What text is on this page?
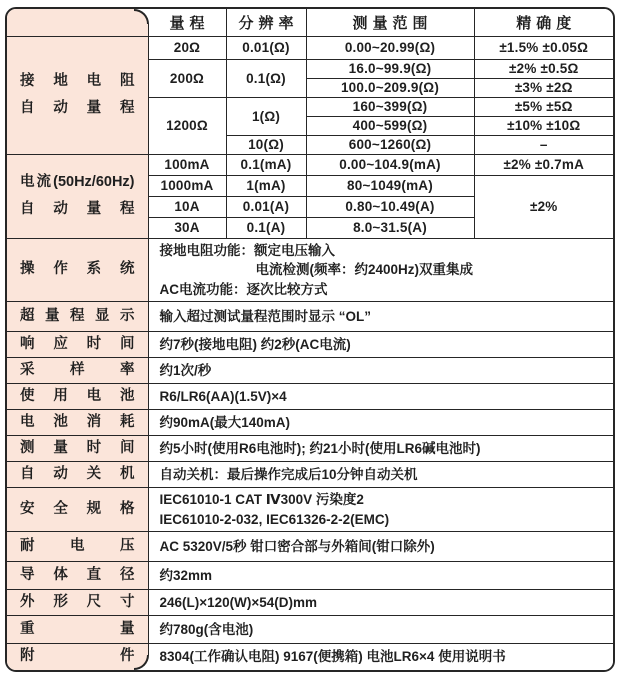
	量程	分辨率	测量范围	精确度

接地电阻
自动量程	20Ω	0.01(Ω)	0.00~20.99(Ω)	±1.5% ±0.05Ω
	200Ω	0.1(Ω)	16.0~99.9(Ω)	±2% ±0.5Ω
			100.0~209.9(Ω)	±3% ±2Ω
	1200Ω	1(Ω)	160~399(Ω)	±5% ±5Ω
			400~599(Ω)	±10% ±10Ω
		10(Ω)	600~1260(Ω)	–

电流(50Hz/60Hz)
自动量程	100mA	0.1(mA)	0.00~104.9(mA)	±2% ±0.7mA
	1000mA	1(mA)	80~1049(mA)	±2%
	10A	0.01(A)	0.80~10.49(A)	
	30A	0.1(A)	8.0~31.5(A)	

操作系统	接地电阻功能：额定电压输入
电流检测(频率：约2400Hz)双重集成
AC电流功能：逐次比较方式			

超量程显示	输入超过测试量程范围时显示 “OL”			

响应时间	约7秒(接地电阻) 约2秒(AC电流)			

采样率	约1次/秒			

使用电池	R6/LR6(AA)(1.5V)×4			

电池消耗	约90mA(最大140mA)			

测量时间	约5小时(使用R6电池时); 约21小时(使用LR6碱电池时)			

自动关机	自动关机：最后操作完成后10分钟自动关机			

安全规格	IEC61010-1 CAT Ⅳ300V 污染度2
IEC61010-2-032, IEC61326-2-2(EMC)			

耐电压	AC 5320V/5秒 钳口密合部与外箱间(钳口除外)			

导体直径	约32mm			

外形尺寸	246(L)×120(W)×54(D)mm			

重量	约780g(含电池)			

附件	8304(工作确认电阻) 9167(便携箱) 电池LR6×4 使用说明书			
